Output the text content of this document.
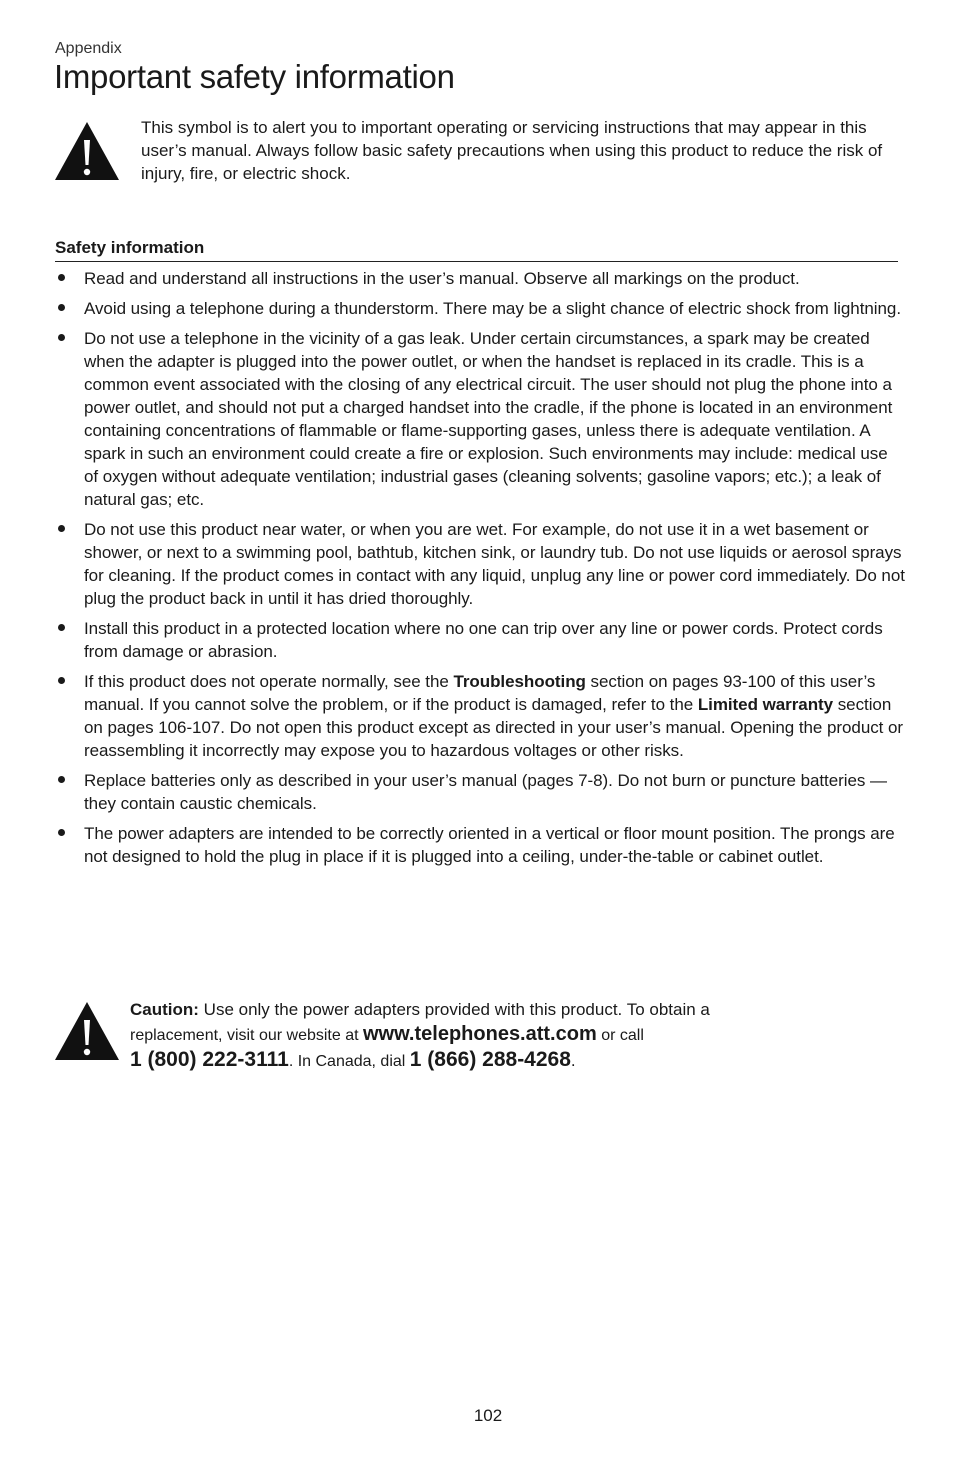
Appendix
Important safety information
This symbol is to alert you to important operating or servicing instructions that may appear in this user’s manual. Always follow basic safety precautions when using this product to reduce the risk of injury, fire, or electric shock.
Safety information
Read and understand all instructions in the user’s manual. Observe all markings on the product.
Avoid using a telephone during a thunderstorm. There may be a slight chance of electric shock from lightning.
Do not use a telephone in the vicinity of a gas leak. Under certain circumstances, a spark may be created when the adapter is plugged into the power outlet, or when the handset is replaced in its cradle. This is a common event associated with the closing of any electrical circuit. The user should not plug the phone into a power outlet, and should not put a charged handset into the cradle, if the phone is located in an environment containing concentrations of flammable or flame-supporting gases, unless there is adequate ventilation. A spark in such an environment could create a fire or explosion. Such environments may include: medical use of oxygen without adequate ventilation; industrial gases (cleaning solvents; gasoline vapors; etc.); a leak of natural gas; etc.
Do not use this product near water, or when you are wet. For example, do not use it in a wet basement or shower, or next to a swimming pool, bathtub, kitchen sink, or laundry tub. Do not use liquids or aerosol sprays for cleaning. If the product comes in contact with any liquid, unplug any line or power cord immediately. Do not plug the product back in until it has dried thoroughly.
Install this product in a protected location where no one can trip over any line or power cords. Protect cords from damage or abrasion.
If this product does not operate normally, see the Troubleshooting section on pages 93-100 of this user’s manual. If you cannot solve the problem, or if the product is damaged, refer to the Limited warranty section on pages 106-107. Do not open this product except as directed in your user’s manual. Opening the product or reassembling it incorrectly may expose you to hazardous voltages or other risks.
Replace batteries only as described in your user’s manual (pages 7-8). Do not burn or puncture batteries — they contain caustic chemicals.
The power adapters are intended to be correctly oriented in a vertical or floor mount position. The prongs are not designed to hold the plug in place if it is plugged into a ceiling, under-the-table or cabinet outlet.
Caution: Use only the power adapters provided with this product. To obtain a
replacement, visit our website at www.telephones.att.com or call
1 (800) 222-3111. In Canada, dial 1 (866) 288-4268.
102
